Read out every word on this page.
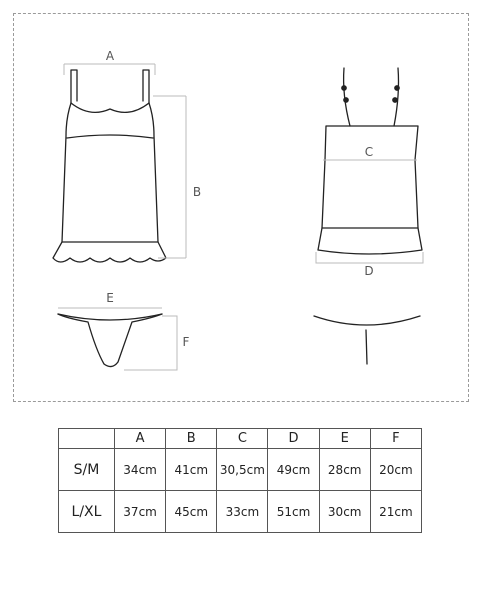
A
B
C
D
E
F
	A	B	C	D	E	F
S/M	34cm	41cm	30,5cm	49cm	28cm	20cm
L/XL	37cm	45cm	33cm	51cm	30cm	21cm
